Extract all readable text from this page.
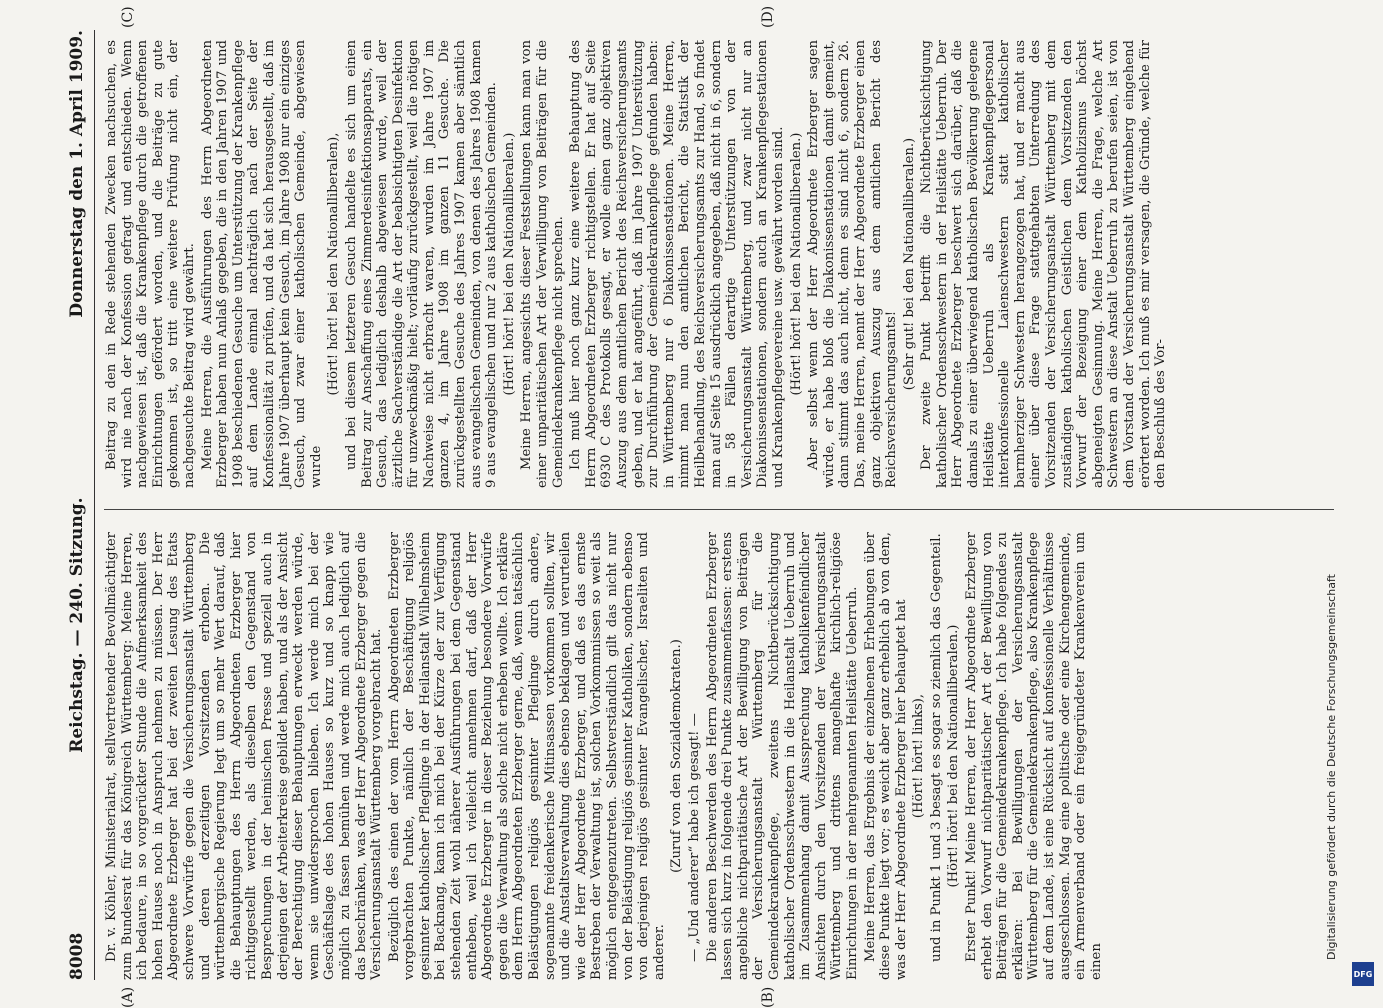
8008
Reichstag. — 240. Sitzung.
Donnerstag den 1. April 1909.
(A)	(B)
(C)	(D)

Dr. v. Köhler, Ministerialrat, stellvertretender Bevollmächtigter zum Bundesrat für das Königreich Württemberg: Meine Herren, ich bedaure, in so vorgerückter Stunde die Aufmerksamkeit des hohen Hauses noch in Anspruch nehmen zu müssen. Der Herr Abgeordnete Erzberger hat bei der zweiten Lesung des Etats schwere Vorwürfe gegen die Versicherungsanstalt Württemberg und deren derzeitigen Vorsitzenden erhoben. Die württembergische Regierung legt um so mehr Wert darauf, daß die Behauptungen des Herrn Abgeordneten Erzberger hier richtiggestellt werden, als dieselben den Gegenstand von Besprechungen in der heimischen Presse und speziell auch in derjenigen der Arbeiterkreise gebildet haben, und als der Ansicht der Berechtigung dieser Behauptungen erweckt werden würde, wenn sie unwidersprochen blieben. Ich werde mich bei der Geschäftslage des hohen Hauses so kurz und so knapp wie möglich zu fassen bemühen und werde mich auch lediglich auf das beschränken, was der Herr Abgeordnete Erzberger gegen die Versicherungsanstalt Württemberg vorgebracht hat. Bezüglich des einen der vom Herrn Abgeordneten Erzberger vorgebrachten Punkte, nämlich der Beschäftigung religiös gesinnter katholischer Pfleglinge in der Heilanstalt Wilhelmsheim bei Backnang, kann ich mich bei der Kürze der zur Verfügung stehenden Zeit wohl näherer Ausführungen bei dem Gegenstand entheben, weil ich vielleicht annehmen darf, daß der Herr Abgeordnete Erzberger in dieser Beziehung besondere Vorwürfe gegen die Verwaltung als solche nicht erheben wollte. Ich erkläre dem Herrn Abgeordneten Erzberger gerne, daß, wenn tatsächlich Belästigungen religiös gesinnter Pfleglinge durch andere, sogenannte freidenkerische Mitinsassen vorkommen sollten, wir und die Anstaltsverwaltung dies ebenso beklagen und verurteilen wie der Herr Abgeordnete Erzberger, und daß es das ernste Bestreben der Verwaltung ist, solchen Vorkommnissen so weit als möglich entgegenzutreten. Selbstverständlich gilt das nicht nur von der Belästigung religiös gesinnter Katholiken, sondern ebenso von derjenigen religiös gesinnter Evangelischer, Israeliten und anderer.

(Zuruf von den Sozialdemokraten.) — „Und anderer“ habe ich gesagt! — Die anderen Beschwerden des Herrn Abgeordneten Erzberger lassen sich kurz in folgende drei Punkte zusammenfassen: erstens angebliche nichtparitätische Art der Bewilligung von Beiträgen der Versicherungsanstalt Württemberg für die Gemeindekrankenpflege, zweitens Nichtberücksichtigung katholischer Ordensschwestern in die Heilanstalt Ueberruh und im Zusammenhang damit Aussprechung katholikenfeindlicher Ansichten durch den Vorsitzenden der Versicherungsanstalt Württemberg und drittens mangelhafte kirchlich-religiöse Einrichtungen in der mehrgenannten Heilstätte Ueberruh. Meine Herren, das Ergebnis der einzelnenen Erhebungen über diese Punkte liegt vor; es weicht aber ganz erheblich ab von dem, was der Herr Abgeordnete Erzberger hier behauptet hat (Hört! hört! links), und in Punkt 1 und 3 besagt es sogar so ziemlich das Gegenteil. (Hört! hört! bei den Nationalliberalen.) Erster Punkt! Meine Herren, der Herr Abgeordnete Erzberger erhebt den Vorwurf nichtparitätischer Art der Bewilligung von Beiträgen für die Gemeindekrankenpflege. Ich habe folgendes zu erklären: Bei Bewilligungen der Versicherungsanstalt Württemberg für die Gemeindekrankenpflege, also Krankenpflege auf dem Lande, ist eine Rücksicht auf konfessionelle Verhältnisse ausgeschlossen. Mag eine politische oder eine Kirchengemeinde, ein Armenverband oder ein freigegründeter Krankenverein um einen

Beitrag zu den in Rede stehenden Zwecken nachsuchen, es wird nie nach der Konfession gefragt und entschieden. Wenn nachgewiesen ist, daß die Krankenpflege durch die getroffenen Einrichtungen gefördert worden, und die Beiträge zu gute gekommen ist, so tritt eine weitere Prüfung nicht ein, der nachgesuchte Beitrag wird gewährt. Meine Herren, die Ausführungen des Herrn Abgeordneten Erzberger haben nun Anlaß gegeben, die in den Jahren 1907 und 1908 beschiedenen Gesuche um Unterstützung der Krankenpflege auf dem Lande einmal nachträglich nach der Seite der Konfessionalität zu prüfen, und da hat sich herausgestellt, daß im Jahre 1907 überhaupt kein Gesuch, im Jahre 1908 nur ein einziges Gesuch, und zwar einer katholischen Gemeinde, abgewiesen wurde

(Hört! hört! bei den Nationalliberalen), und bei diesem letzteren Gesuch handelte es sich um einen Beitrag zur Anschaffung eines Zimmerdesinfektionsapparats, ein Gesuch, das lediglich deshalb abgewiesen wurde, weil der ärztliche Sachverständige die Art der beabsichtigten Desinfektion für unzweckmäßig hielt; vorläufig zurückgestellt, weil die nötigen Nachweise nicht erbracht waren, wurden im Jahre 1907 im ganzen 4, im Jahre 1908 im ganzen 11 Gesuche. Die zurückgestellten Gesuche des Jahres 1907 kamen aber sämtlich aus evangelischen Gemeinden, von denen des Jahres 1908 kamen 9 aus evangelischen und nur 2 aus katholischen Gemeinden. (Hört! hört! bei den Nationalliberalen.) Meine Herren, angesichts dieser Feststellungen kann man von einer unparitätischen Art der Verwilligung von Beiträgen für die Gemeindekrankenpflege nicht sprechen. Ich muß hier noch ganz kurz eine weitere Behauptung des Herrn Abgeordneten Erzberger richtigstellen. Er hat auf Seite 6930 C des Protokolls gesagt, er wolle einen ganz objektiven Auszug aus dem amtlichen Bericht des Reichsversicherungsamts geben, und er hat angeführt, daß im Jahre 1907 Unterstützung zur Durchführung der Gemeindekrankenpflege gefunden haben: in Württemberg nur 6 Diakonissenstationen. Meine Herren, nimmt man nun den amtlichen Bericht, die Statistik der Heilbehandlung, des Reichsversicherungsamts zur Hand, so findet man auf Seite 15 ausdrücklich angegeben, daß nicht in 6, sondern in 58 Fällen derartige Unterstützungen von der Versicherungsanstalt Württemberg, und zwar nicht nur an Diakonissenstationen, sondern auch an Krankenpflegestationen und Krankenpflegevereine usw. gewährt worden sind. (Hört! hört! bei den Nationalliberalen.) Aber selbst wenn der Herr Abgeordnete Erzberger sagen würde, er habe bloß die Diakonissenstationen damit gemeint, dann stimmt das auch nicht, denn es sind nicht 6, sondern 26. Das, meine Herren, nennt der Herr Abgeordnete Erzberger einen ganz objektiven Auszug aus dem amtlichen Bericht des Reichsversicherungsamts!

(Sehr gut! bei den Nationalliberalen.) Der zweite Punkt betrifft die Nichtberücksichtigung katholischer Ordensschwestern in der Heilstätte Ueberruh. Der Herr Abgeordnete Erzberger beschwert sich darüber, daß die damals zu einer überwiegend katholischen Bevölkerung gelegene Heilstätte Ueberruh als Krankenpflegepersonal interkonfessionelle Laienschwestern statt katholischer barmherziger Schwestern herangezogen hat, und er macht aus einer über diese Frage stattgehabten Unterredung des Vorsitzenden der Versicherungsanstalt Württemberg mit dem zuständigen katholischen Geistlichen dem Vorsitzenden den Vorwurf der Bezeigung einer dem Katholizismus höchst abgeneigten Gesinnung. Meine Herren, die Frage, welche Art Schwestern an diese Anstalt Ueberruh zu berufen seien, ist von dem Vorstand der Versicherungsanstalt Württemberg eingehend erörtert worden. Ich muß es mir versagen, die Gründe, welche für den Beschluß des Vor-

Digitalisierung gefördert durch die Deutsche Forschungsgemeinschaft
DFG
